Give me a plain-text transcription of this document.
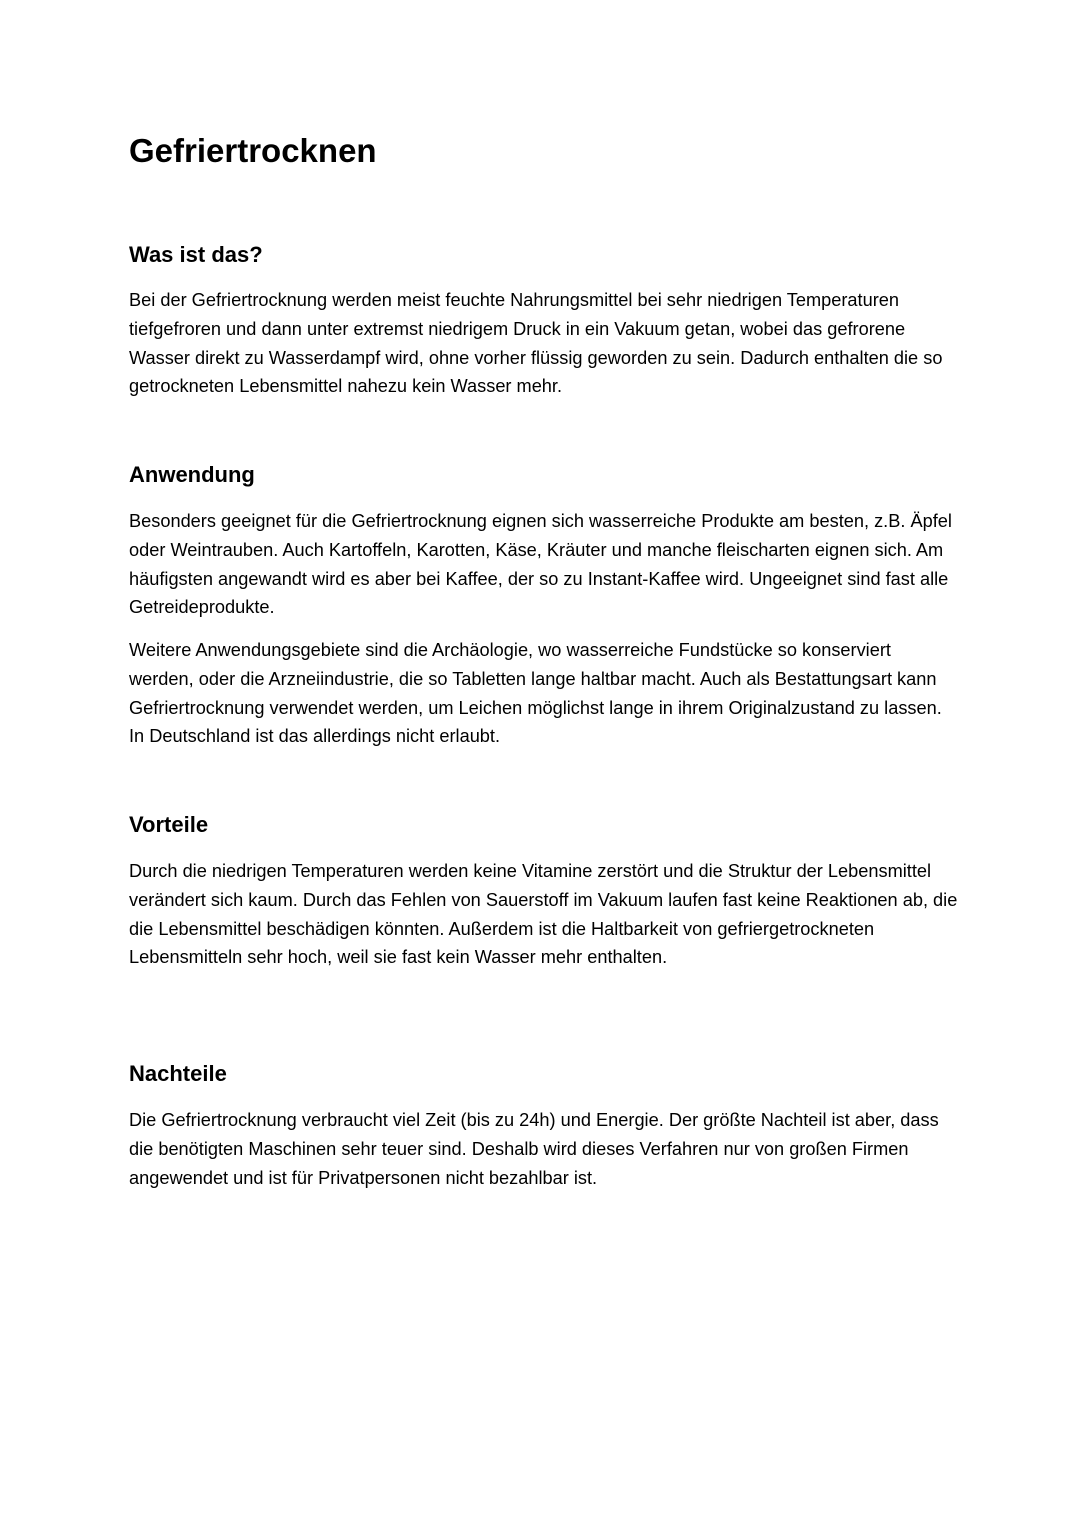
Gefriertrocknen
Was ist das?

Bei der Gefriertrocknung werden meist feuchte Nahrungsmittel bei sehr niedrigen Temperaturen tiefgefroren und dann unter extremst niedrigem Druck in ein Vakuum getan, wobei das gefrorene Wasser direkt zu Wasserdampf wird, ohne vorher flüssig geworden zu sein. Dadurch enthalten die so getrockneten Lebensmittel nahezu kein Wasser mehr.

Anwendung

Besonders geeignet für die Gefriertrocknung eignen sich wasserreiche Produkte am besten, z.B. Äpfel oder Weintrauben. Auch Kartoffeln, Karotten, Käse, Kräuter und manche fleischarten eignen sich. Am häufigsten angewandt wird es aber bei Kaffee, der so zu Instant-Kaffee wird. Ungeeignet sind fast alle Getreideprodukte.

Weitere Anwendungsgebiete sind die Archäologie, wo wasserreiche Fundstücke so konserviert werden, oder die Arzneiindustrie, die so Tabletten lange haltbar macht. Auch als Bestattungsart kann Gefriertrocknung verwendet werden, um Leichen möglichst lange in ihrem Originalzustand zu lassen. In Deutschland ist das allerdings nicht erlaubt.

Vorteile

Durch die niedrigen Temperaturen werden keine Vitamine zerstört und die Struktur der Lebensmittel verändert sich kaum. Durch das Fehlen von Sauerstoff im Vakuum laufen fast keine Reaktionen ab, die die Lebensmittel beschädigen könnten. Außerdem ist die Haltbarkeit von gefriergetrockneten Lebensmitteln sehr hoch, weil sie fast kein Wasser mehr enthalten.

Nachteile

Die Gefriertrocknung verbraucht viel Zeit (bis zu 24h) und Energie. Der größte Nachteil ist aber, dass die benötigten Maschinen sehr teuer sind. Deshalb wird dieses Verfahren nur von großen Firmen angewendet und ist für Privatpersonen nicht bezahlbar ist.
